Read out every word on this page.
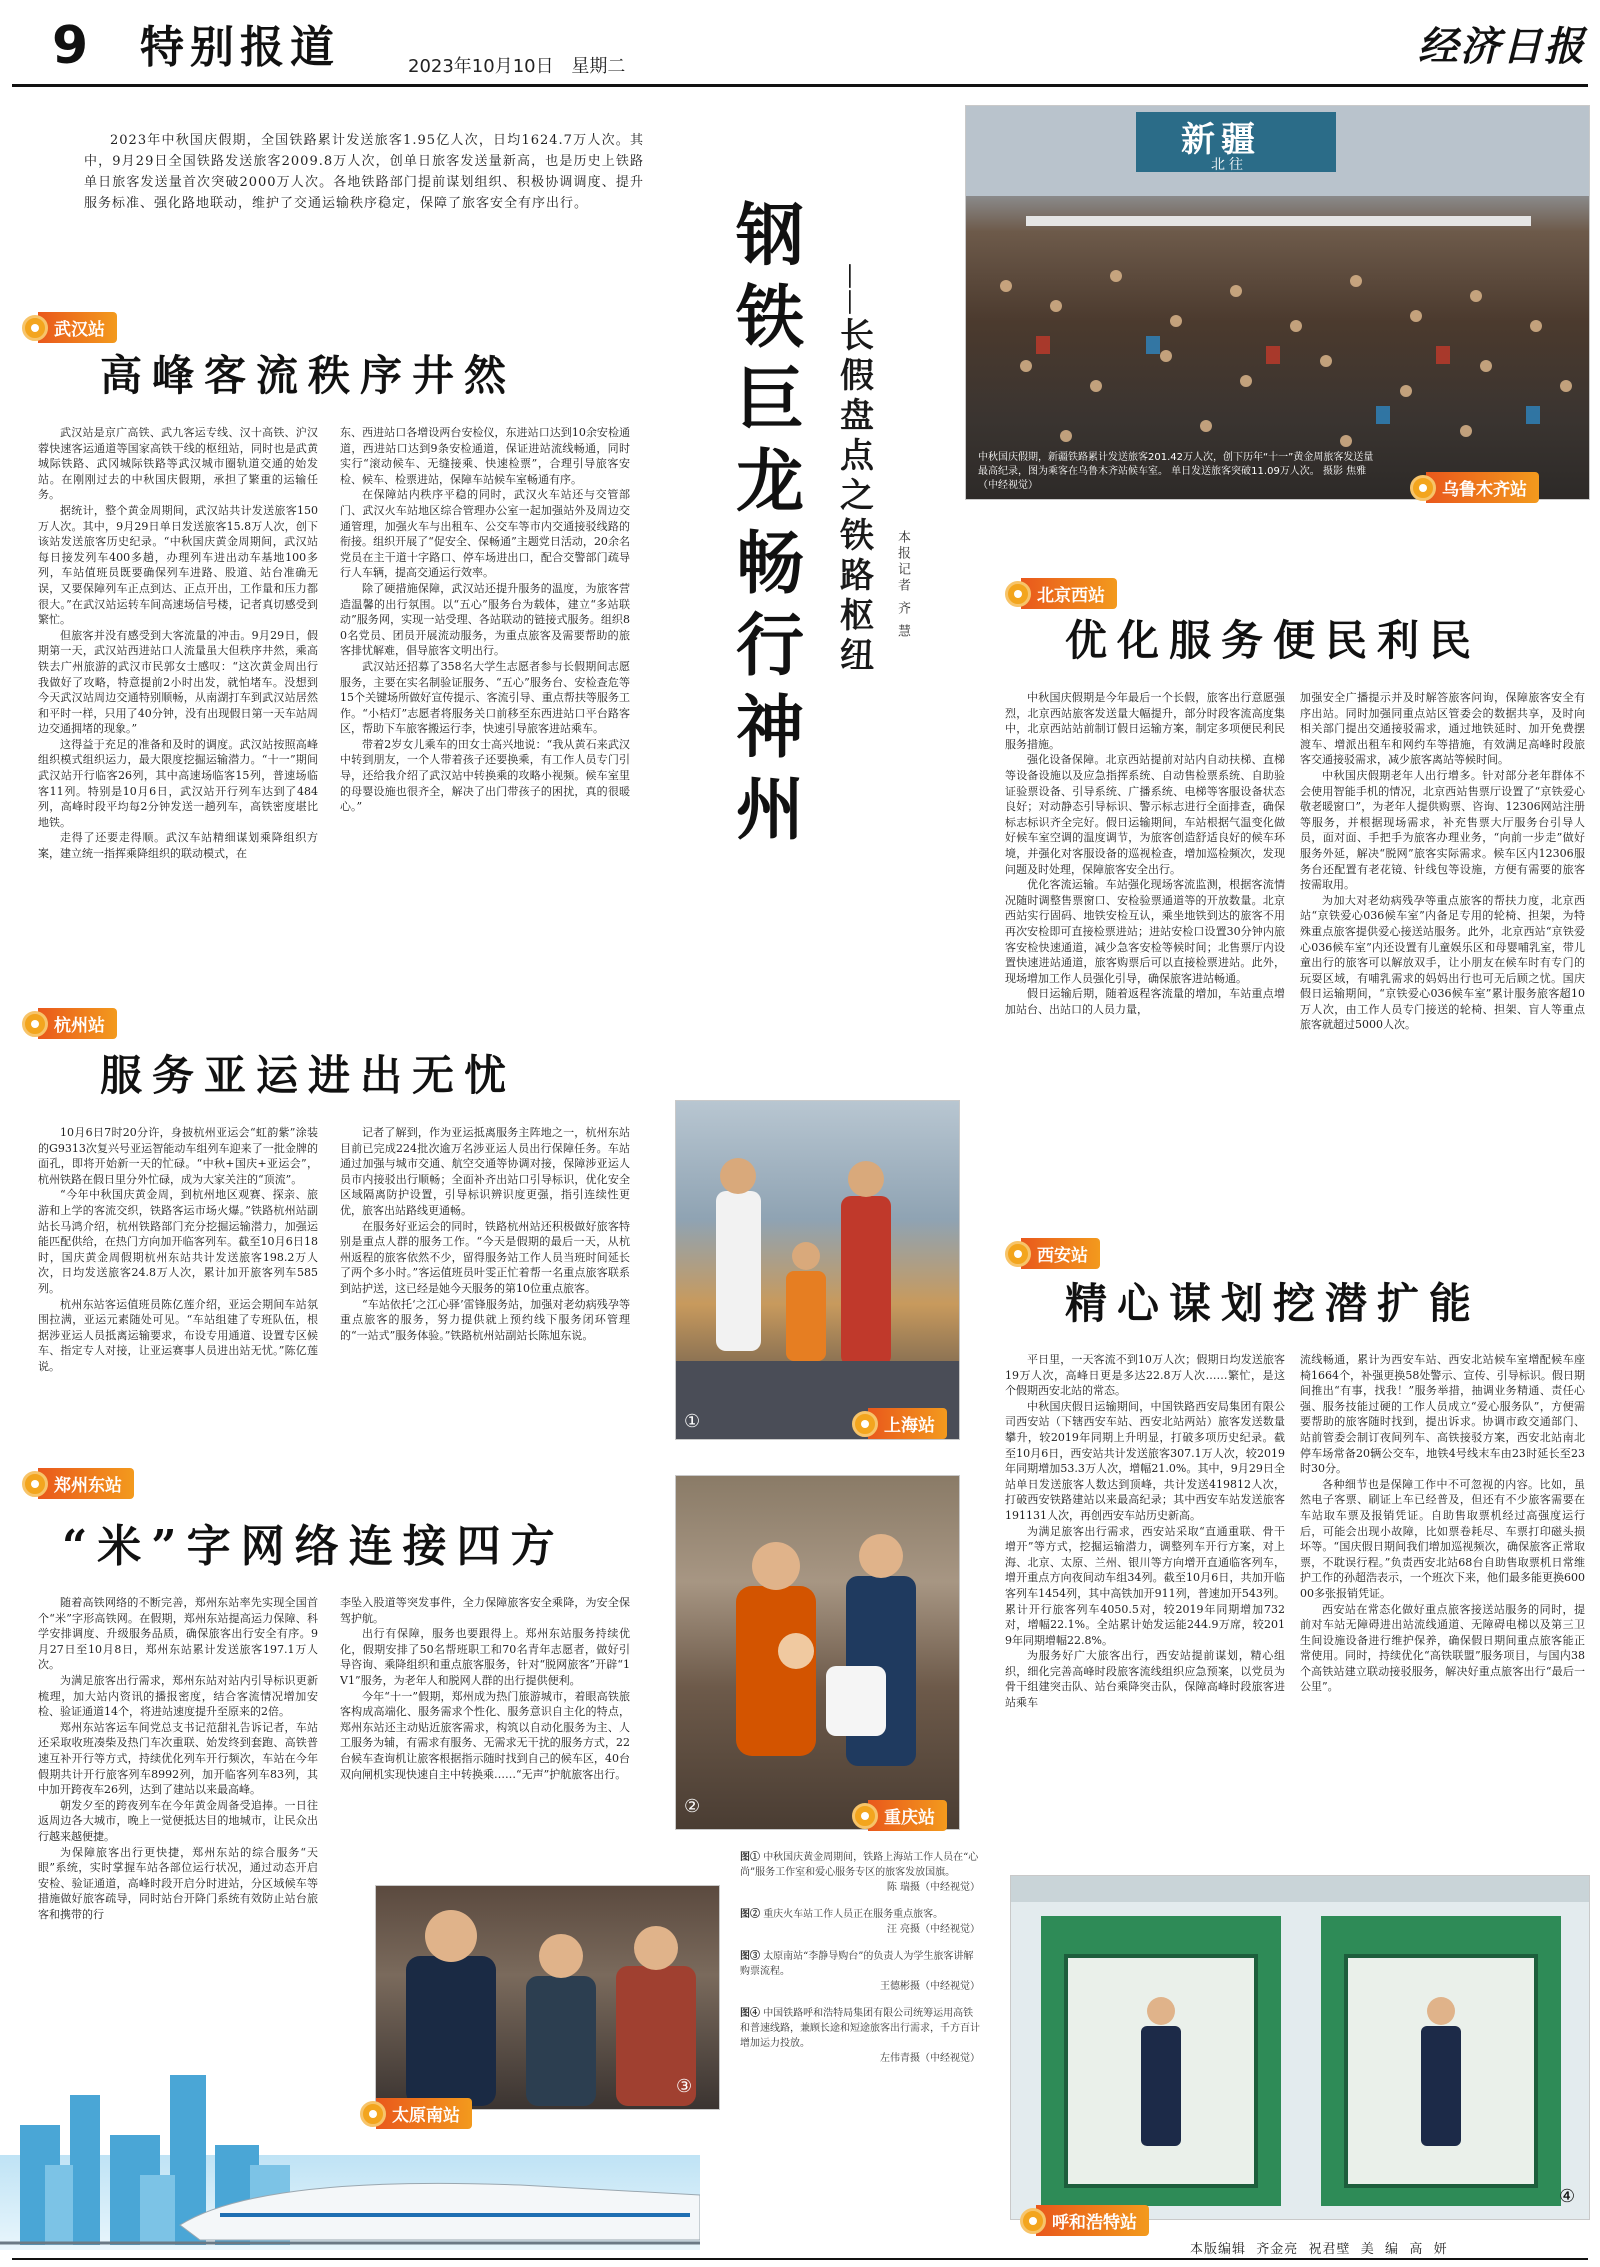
9 特别报道	2023年10月10日 星期二	经济日报
2023年中秋国庆假期，全国铁路累计发送旅客1.95亿人次，日均1624.7万人次。其中，9月29日全国铁路发送旅客2009.8万人次，创单日旅客发送量新高，也是历史上铁路单日旅客发送量首次突破2000万人次。各地铁路部门提前谋划组织、积极协调调度、提升服务标准、强化路地联动，维护了交通运输秩序稳定，保障了旅客安全有序出行。	钢
铁
巨
龙
畅
行
神
州
——
长
假
盘
点
之
铁
路
枢
纽
本报记者 齐 慧
新疆
北往
中秋国庆假期，新疆铁路累计发送旅客201.42万人次，创下历年“十一”黄金周旅客发送量最高纪录，图为乘客在乌鲁木齐站候车室。 单日发送旅客突破11.09万人次。 摄影 焦雅（中经视觉）	乌鲁木齐站
武汉站
高峰客流秩序井然

武汉站是京广高铁、武九客运专线、汉十高铁、沪汉蓉快速客运通道等国家高铁干线的枢纽站，同时也是武黄城际铁路、武冈城际铁路等武汉城市圈轨道交通的始发站。在刚刚过去的中秋国庆假期，承担了繁重的运输任务。

据统计，整个黄金周期间，武汉站共计发送旅客150万人次。其中，9月29日单日发送旅客15.8万人次，创下该站发送旅客历史纪录。“中秋国庆黄金周期间，武汉站每日接发列车400多趟，办理列车进出动车基地100多列，车站值班员既要确保列车进路、股道、站台准确无误，又要保障列车正点到达、正点开出，工作量和压力都很大。”在武汉站运转车间高速场信号楼，记者真切感受到繁忙。

但旅客并没有感受到大客流量的冲击。9月29日，假期第一天，武汉站西进站口人流量虽大但秩序井然，乘高铁去广州旅游的武汉市民郭女士感叹：“这次黄金周出行我做好了攻略，特意提前2小时出发，就怕堵车。没想到今天武汉站周边交通特别顺畅，从南湖打车到武汉站居然和平时一样，只用了40分钟，没有出现假日第一天车站周边交通拥堵的现象。”

这得益于充足的准备和及时的调度。武汉站按照高峰组织模式组织运力，最大限度挖掘运输潜力。“十一”期间武汉站开行临客26列，其中高速场临客15列，普速场临客11列。特别是10月6日，武汉站开行列车达到了484列，高峰时段平均每2分钟发送一趟列车，高铁密度堪比地铁。

走得了还要走得顺。武汉车站精细谋划乘降组织方案，建立统一指挥乘降组织的联动模式，在

东、西进站口各增设两台安检仪，东进站口达到10余安检通道，西进站口达到9条安检通道，保证进站流线畅通，同时实行“滚动候车、无缝接乘、快速检票”，合理引导旅客安检、候车、检票进站，保障车站候车室畅通有序。

在保障站内秩序平稳的同时，武汉火车站还与交管部门、武汉火车站地区综合管理办公室一起加强站外及周边交通管理，加强火车与出租车、公交车等市内交通接驳线路的衔接。组织开展了“促安全、保畅通”主题党日活动，20余名党员在主干道十字路口、停车场进出口，配合交警部门疏导行人车辆，提高交通运行效率。

除了硬措施保障，武汉站还提升服务的温度，为旅客营造温馨的出行氛围。以“五心”服务台为载体，建立“多站联动”服务网，实现一站受理、各站联动的链接式服务。组织80名党员、团员开展流动服务，为重点旅客及需要帮助的旅客排忧解难，倡导旅客文明出行。

武汉站还招募了358名大学生志愿者参与长假期间志愿服务，主要在实名制验证服务、“五心”服务台、安检查危等15个关键场所做好宣传提示、客流引导、重点帮扶等服务工作。“小桔灯”志愿者将服务关口前移至东西进站口平台路客区，帮助下车旅客搬运行李，快速引导旅客进站乘车。

带着2岁女儿乘车的田女士高兴地说：“我从黄石来武汉中转到朋友，一个人带着孩子还要换乘，有工作人员专门引导，还给我介绍了武汉站中转换乘的攻略小视频。候车室里的母婴设施也很齐全，解决了出门带孩子的困扰，真的很暖心。”

杭州站
服务亚运进出无忧

10月6日7时20分许，身披杭州亚运会“虹韵紫”涂装的G9313次复兴号亚运智能动车组列车迎来了一批金牌的面孔，即将开始新一天的忙碌。“中秋+国庆+亚运会”，杭州铁路在假日里分外忙碌，成为大家关注的“顶流”。

“今年中秋国庆黄金周，到杭州地区观赛、探亲、旅游和上学的客流交织，铁路客运市场火爆。”铁路杭州站副站长马鸿介绍，杭州铁路部门充分挖掘运输潜力，加强运能匹配供给，在热门方向加开临客列车。截至10月6日18时，国庆黄金周假期杭州东站共计发送旅客198.2万人次，日均发送旅客24.8万人次，累计加开旅客列车585列。

杭州东站客运值班员陈亿莲介绍，亚运会期间车站氛围拉满，亚运元素随处可见。“车站组建了专班队伍，根据涉亚运人员抵离运输要求，布设专用通道、设置专区候车、指定专人对接，让亚运赛事人员进出站无忧。”陈亿莲说。

记者了解到，作为亚运抵离服务主阵地之一，杭州东站目前已完成224批次逾万名涉亚运人员出行保障任务。车站通过加强与城市交通、航空交通等协调对接，保障涉亚运人员市内接驳出行顺畅；全面补齐出站口引导标识，优化安全区域隔离防护设置，引导标识辨识度更强，指引连续性更优，旅客出站路线更通畅。

在服务好亚运会的同时，铁路杭州站还积极做好旅客特别是重点人群的服务工作。“今天是假期的最后一天，从杭州返程的旅客依然不少，留得服务站工作人员当班时间延长了两个多小时。”客运值班员叶雯正忙着帮一名重点旅客联系到站护送，这已经是她今天服务的第10位重点旅客。

“车站依托‘之江心驿’雷锋服务站，加强对老幼病残孕等重点旅客的服务，努力提供就上预约线下服务闭环管理的“一站式”服务体验。”铁路杭州站副站长陈旭东说。

郑州东站
“米”字网络连接四方

随着高铁网络的不断完善，郑州东站率先实现全国首个“米”字形高铁网。在假期，郑州东站提高运力保障、科学安排调度、升级服务品质，确保旅客出行安全有序。9月27日至10月8日，郑州东站累计发送旅客197.1万人次。

为满足旅客出行需求，郑州东站对站内引导标识更新梳理，加大站内资讯的播报密度，结合客流情况增加安检、验证通道14个，将进站速度提升至原来的2倍。

郑州东站客运车间党总支书记范甜礼告诉记者，车站还采取收班凑柴及热门车次重联、始发终到套跑、高铁普速互补开行等方式，持续优化列车开行频次，车站在今年假期共计开行旅客列车8992列，加开临客列车83列，其中加开跨夜车26列，达到了建站以来最高峰。

朝发夕至的跨夜列车在今年黄金周备受追捧。一日往返周边各大城市，晚上一觉便抵达目的地城市，让民众出行越来越便捷。

为保障旅客出行更快捷，郑州东站的综合服务“天眼”系统，实时掌握车站各部位运行状况，通过动态开启安检、验证通道，高峰时段开启分时进站，分区域候车等措施做好旅客疏导，同时站台开降门系统有效防止站台旅客和携带的行

李坠入股道等突发事件，全力保障旅客安全乘降，为安全保驾护航。

出行有保障，服务也要跟得上。郑州东站服务持续优化，假期安排了50名帮班职工和70名青年志愿者，做好引导咨询、乘降组织和重点旅客服务，针对“脱网旅客”开辟“1V1”服务，为老年人和脱网人群的出行提供便利。

今年“十一”假期，郑州成为热门旅游城市，着眼高铁旅客构成高端化、服务需求个性化、服务意识自主化的特点，郑州东站还主动贴近旅客需求，构筑以自动化服务为主、人工服务为辅，有需求有服务、无需求无干扰的服务方式，22台候车查询机让旅客根据指示随时找到自己的候车区，40台双向闸机实现快速自主中转换乘……“无声”护航旅客出行。

①	上海站
②
重庆站
北京西站
优化服务便民利民

中秋国庆假期是今年最后一个长假，旅客出行意愿强烈，北京西站旅客发送量大幅提升，部分时段客流高度集中，北京西站站前制订假日运输方案，制定多项便民利民服务措施。

强化设备保障。北京西站提前对站内自动扶梯、直梯等设备设施以及应急指挥系统、自动售检票系统、自助验证验票设备、引导系统、广播系统、电梯等客服设备状态良好；对动静态引导标识、警示标志进行全面排查，确保标志标识齐全完好。假日运输期间，车站根据气温变化做好候车室空调的温度调节，为旅客创造舒适良好的候车环境，并强化对客服设备的巡视检查，增加巡检频次，发现问题及时处理，保障旅客安全出行。

优化客流运输。车站强化现场客流监测，根据客流情况随时调整售票窗口、安检验票通道等的开放数量。北京西站实行固码、地铁安检互认，乘坐地铁到达的旅客不用再次安检即可直接检票进站；进站安检口设置30分钟内旅客安检快速通道，减少急客安检等候时间；北售票厅内设置快速进站通道，旅客购票后可以直接检票进站。此外，现场增加工作人员强化引导，确保旅客进站畅通。

假日运输后期，随着返程客流量的增加，车站重点增加站台、出站口的人员力量，

加强安全广播提示并及时解答旅客问询，保障旅客安全有序出站。同时加强同重点站区管委会的数据共享，及时向相关部门提出交通接驳需求，通过地铁延时、加开免费摆渡车、增派出租车和网约车等措施，有效满足高峰时段旅客交通接驳需求，减少旅客离站等候时间。

中秋国庆假期老年人出行增多。针对部分老年群体不会使用智能手机的情况，北京西站售票厅设置了“京铁爱心敬老暖窗口”，为老年人提供购票、咨询、12306网站注册等服务，并根据现场需求，补充售票大厅服务台引导人员，面对面、手把手为旅客办理业务，“向前一步走”做好服务外延，解决“脱网”旅客实际需求。候车区内12306服务台还配置有老花镜、针线包等设施，方便有需要的旅客按需取用。

为加大对老幼病残孕等重点旅客的帮扶力度，北京西站“京铁爱心036候车室”内备足专用的轮椅、担架，为特殊重点旅客提供爱心接送站服务。此外，北京西站“京铁爱心036候车室”内还设置有儿童娱乐区和母婴哺乳室，带儿童出行的旅客可以解放双手，让小朋友在候车时有专门的玩耍区域，有哺乳需求的妈妈出行也可无后顾之忧。国庆假日运输期间，“京铁爱心036候车室”累计服务旅客超10万人次，由工作人员专门接送的轮椅、担架、盲人等重点旅客就超过5000人次。

西安站
精心谋划挖潜扩能

平日里，一天客流不到10万人次；假期日均发送旅客19万人次，高峰日更是多达22.8万人次……繁忙，是这个假期西安北站的常态。

中秋国庆假日运输期间，中国铁路西安局集团有限公司西安站（下辖西安车站、西安北站两站）旅客发送数量攀升，较2019年同期上升明显，打破多项历史纪录。截至10月6日，西安站共计发送旅客307.1万人次，较2019年同期增加53.3万人次，增幅21.0%。其中，9月29日全站单日发送旅客人数达到顶峰，共计发送419812人次，打破西安铁路建站以来最高纪录；其中西安车站发送旅客191131人次，再创西安车站历史新高。

为满足旅客出行需求，西安站采取“直通重联、骨干增开”等方式，挖掘运输潜力，调整列车开行方案，对上海、北京、太原、兰州、银川等方向增开直通临客列车，增开重点方向夜间动车组34列。截至10月6日，共加开临客列车1454列，其中高铁加开911列，普速加开543列。累计开行旅客列车4050.5对，较2019年同期增加732对，增幅22.1%。全站累计始发运能244.9万席，较2019年同期增幅22.8%。

为服务好广大旅客出行，西安站提前谋划，精心组织，细化完善高峰时段旅客流线组织应急预案，以党员为骨干组建突击队、站台乘降突击队，保障高峰时段旅客进站乘车

流线畅通，累计为西安车站、西安北站候车室增配候车座椅1664个，补强更换58处警示、宣传、引导标识。假日期间推出“有事，找我！”服务举措，抽调业务精通、责任心强、服务技能过硬的工作人员成立“爱心服务队”，方便需要帮助的旅客随时找到，提出诉求。协调市政交通部门、站前管委会制订夜间列车、高铁接驳方案，西安北站南北停车场常备20辆公交车，地铁4号线末车由23时延长至23时30分。

各种细节也是保障工作中不可忽视的内容。比如，虽然电子客票、刷证上车已经普及，但还有不少旅客需要在车站取车票及报销凭证。自助售取票机经过高强度运行后，可能会出现小故障，比如票卷耗尽、车票打印磁头损坏等。“国庆假日期间我们增加巡视频次，确保旅客正常取票，不耽误行程。”负责西安北站68台自助售取票机日常维护工作的孙超浩表示，一个班次下来，他们最多能更换60000多张报销凭证。

西安站在常态化做好重点旅客接送站服务的同时，提前对车站无障碍进出站流线通道、无障碍电梯以及第三卫生间设施设备进行维护保养，确保假日期间重点旅客能正常使用。同时，持续优化“高铁联盟”服务项目，与国内38个高铁站建立联动接驳服务，解决好重点旅客出行“最后一公里”。

③
太原南站
图① 中秋国庆黄金周期间，铁路上海站工作人员在“心尚”服务工作室和爱心服务专区的旅客发放国旗。
陈 瑞摄（中经视觉）
图② 重庆火车站工作人员正在服务重点旅客。
汪 亮摄（中经视觉）
图③ 太原南站“李静导购台”的负责人为学生旅客讲解购票流程。
王德彬摄（中经视觉）
图④ 中国铁路呼和浩特局集团有限公司统筹运用高铁和普速线路，兼顾长途和短途旅客出行需求，千方百计增加运力投放。
左伟青摄（中经视觉）
④
呼和浩特站
本版编辑  齐金亮  祝君壁  美  编  高  妍
